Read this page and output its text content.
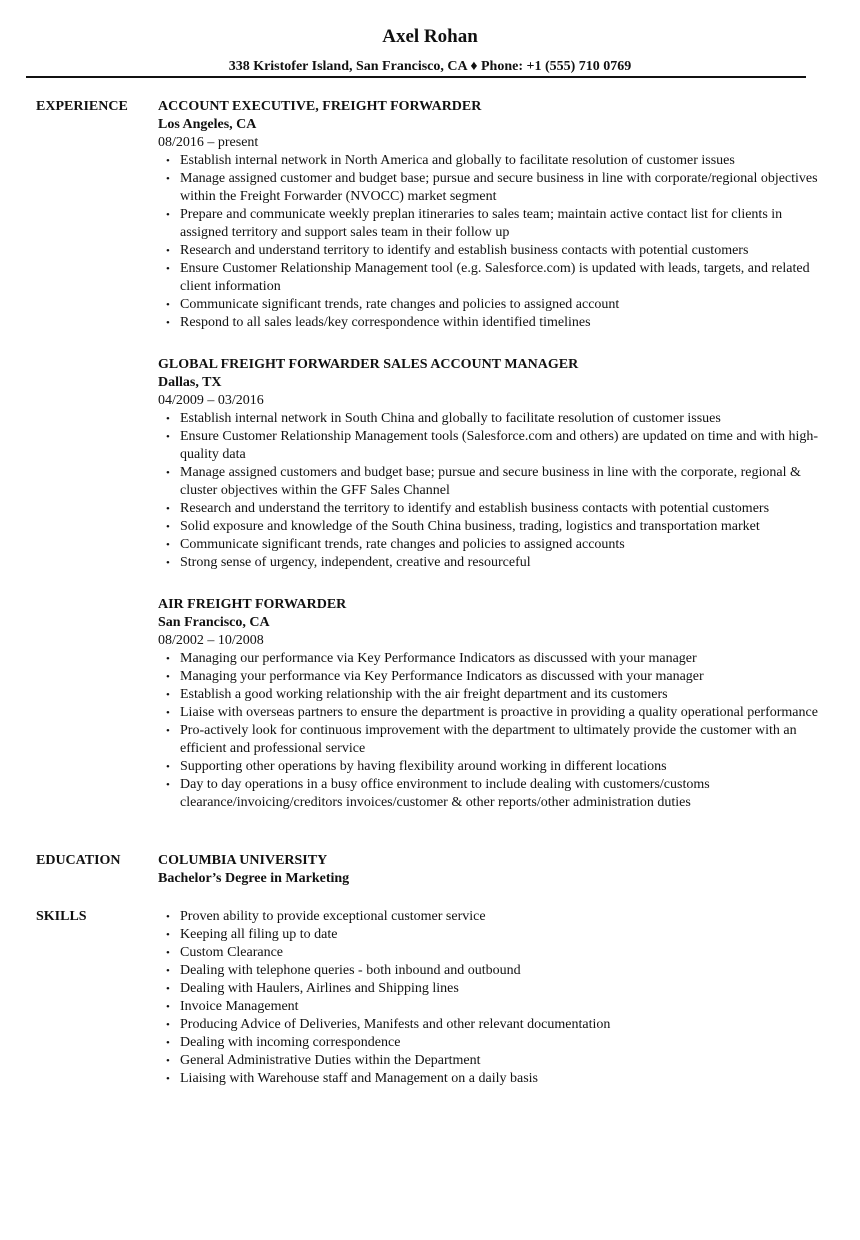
Axel Rohan
338 Kristofer Island, San Francisco, CA ♦ Phone: +1 (555) 710 0769
EXPERIENCE ACCOUNT EXECUTIVE, FREIGHT FORWARDER
Los Angeles, CA
08/2016 – present
• Establish internal network in North America and globally to facilitate resolution of customer issues
• Manage assigned customer and budget base; pursue and secure business in line with corporate/regional objectives within the Freight Forwarder (NVOCC) market segment
• Prepare and communicate weekly preplan itineraries to sales team; maintain active contact list for clients in assigned territory and support sales team in their follow up
• Research and understand territory to identify and establish business contacts with potential customers
• Ensure Customer Relationship Management tool (e.g. Salesforce.com) is updated with leads, targets, and related client information
• Communicate significant trends, rate changes and policies to assigned account
• Respond to all sales leads/key correspondence within identified timelines
GLOBAL FREIGHT FORWARDER SALES ACCOUNT MANAGER
Dallas, TX
04/2009 – 03/2016
• Establish internal network in South China and globally to facilitate resolution of customer issues
• Ensure Customer Relationship Management tools (Salesforce.com and others) are updated on time and with high-quality data
• Manage assigned customers and budget base; pursue and secure business in line with the corporate, regional & cluster objectives within the GFF Sales Channel
• Research and understand the territory to identify and establish business contacts with potential customers
• Solid exposure and knowledge of the South China business, trading, logistics and transportation market
• Communicate significant trends, rate changes and policies to assigned accounts
• Strong sense of urgency, independent, creative and resourceful
AIR FREIGHT FORWARDER
San Francisco, CA
08/2002 – 10/2008
• Managing our performance via Key Performance Indicators as discussed with your manager
• Managing your performance via Key Performance Indicators as discussed with your manager
• Establish a good working relationship with the air freight department and its customers
• Liaise with overseas partners to ensure the department is proactive in providing a quality operational performance
• Pro-actively look for continuous improvement with the department to ultimately provide the customer with an efficient and professional service
• Supporting other operations by having flexibility around working in different locations
• Day to day operations in a busy office environment to include dealing with customers/customs clearance/invoicing/creditors invoices/customer & other reports/other administration duties
EDUCATION	COLUMBIA UNIVERSITY
Bachelor’s Degree in Marketing
SKILLS	• Proven ability to provide exceptional customer service
• Keeping all filing up to date
• Custom Clearance
• Dealing with telephone queries - both inbound and outbound
• Dealing with Haulers, Airlines and Shipping lines
• Invoice Management
• Producing Advice of Deliveries, Manifests and other relevant documentation
• Dealing with incoming correspondence
• General Administrative Duties within the Department
• Liaising with Warehouse staff and Management on a daily basis
